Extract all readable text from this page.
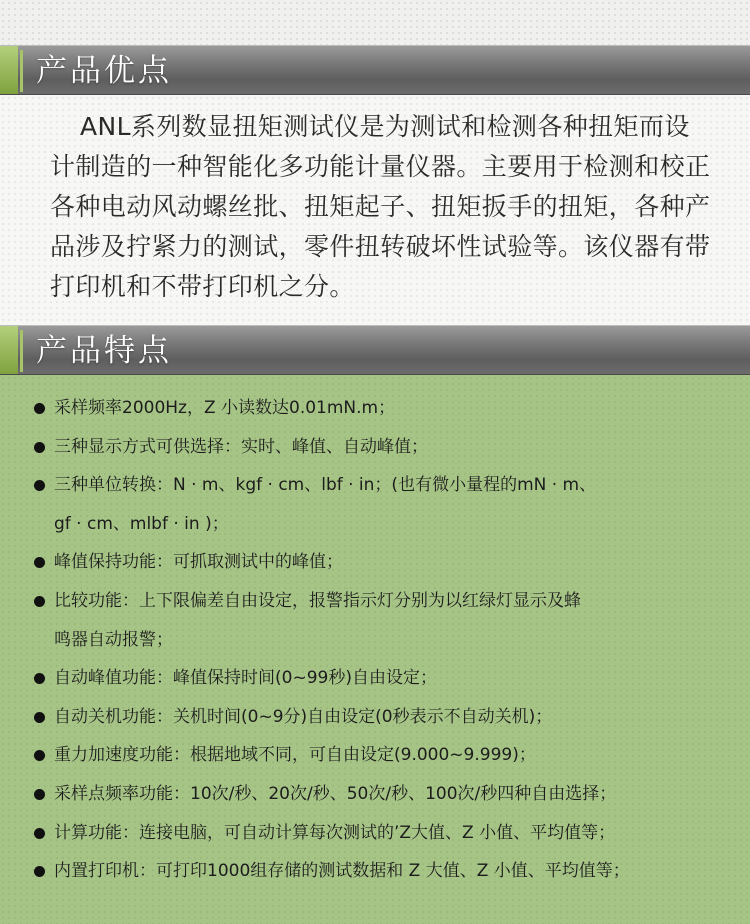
产品优点

ANL系列数显扭矩测试仪是为测试和检测各种扭矩而设计制造的一种智能化多功能计量仪器。主要用于检测和校正各种电动风动螺丝批、扭矩起子、扭矩扳手的扭矩，各种产品涉及拧紧力的测试，零件扭转破坏性试验等。该仪器有带打印机和不带打印机之分。

产品特点
采样频率2000Hz，Z 小读数达0.01mN.m；
三种显示方式可供选择：实时、峰值、自动峰值；
三种单位转换：N · m、kgf · cm、lbf · in；(也有微小量程的mN · m、
gf · cm、mlbf · in )；
峰值保持功能：可抓取测试中的峰值；
比较功能：上下限偏差自由设定，报警指示灯分别为以红绿灯显示及蜂
鸣器自动报警；
自动峰值功能：峰值保持时间(0~99秒)自由设定；
自动关机功能：关机时间(0~9分)自由设定(0秒表示不自动关机)；
重力加速度功能：根据地域不同，可自由设定(9.000~9.999)；
采样点频率功能：10次/秒、20次/秒、50次/秒、100次/秒四种自由选择；
计算功能：连接电脑，可自动计算每次测试的’Z大值、Z 小值、平均值等；
内置打印机：可打印1000组存储的测试数据和 Z 大值、Z 小值、平均值等；
